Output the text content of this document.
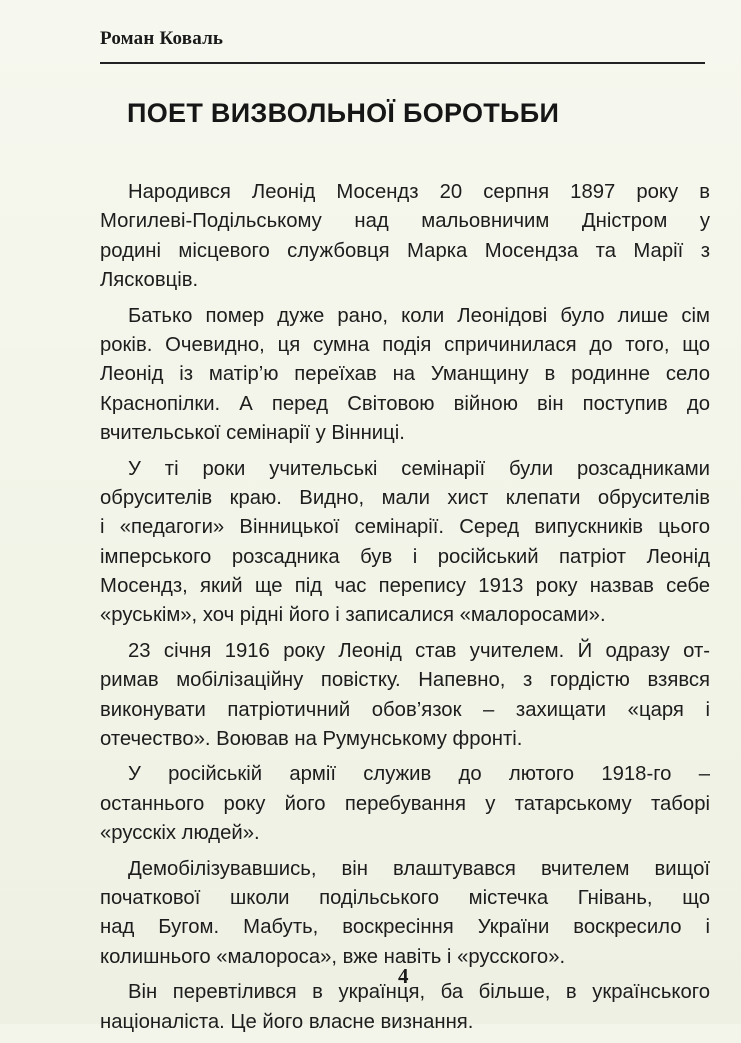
Роман Коваль
ПОЕТ ВИЗВОЛЬНОЇ БОРОТЬБИ
Народився Леонід Мосендз 20 серпня 1897 року в
Могилеві-Подільському над мальовничим Дністром у
родині місцевого службовця Марка Мосендза та Марії з
Лясковців.
Батько помер дуже рано, коли Леонідові було лише сім
років. Очевидно, ця сумна подія спричинилася до того, що
Леонід із матір’ю переїхав на Уманщину в родинне село
Краснопілки. А перед Світовою війною він поступив до
вчительської семінарії у Вінниці.
У ті роки учительські семінарії були розсадниками
обрусителів краю. Видно, мали хист клепати обрусителів
і «педагоги» Вінницької семінарії. Серед випускників цього
імперського розсадника був і російський патріот Леонід
Мосендз, який ще під час перепису 1913 року назвав себе
«руськім», хоч рідні його і записалися «малоросами».
23 січня 1916 року Леонід став учителем. Й одразу от-
римав мобілізаційну повістку. Напевно, з гордістю взявся
виконувати патріотичний обов’язок – захищати «царя і
отечество». Воював на Румунському фронті.
У російській армії служив до лютого 1918-го –
останнього року його перебування у татарському таборі
«русскіх людей».
Демобілізувавшись, він влаштувався вчителем вищої
початкової школи подільського містечка Гнівань, що
над Бугом. Мабуть, воскресіння України воскресило і
колишнього «малороса», вже навіть і «русского».
Він перевтілився в українця, ба більше, в українського
націоналіста. Це його власне визнання.
4
